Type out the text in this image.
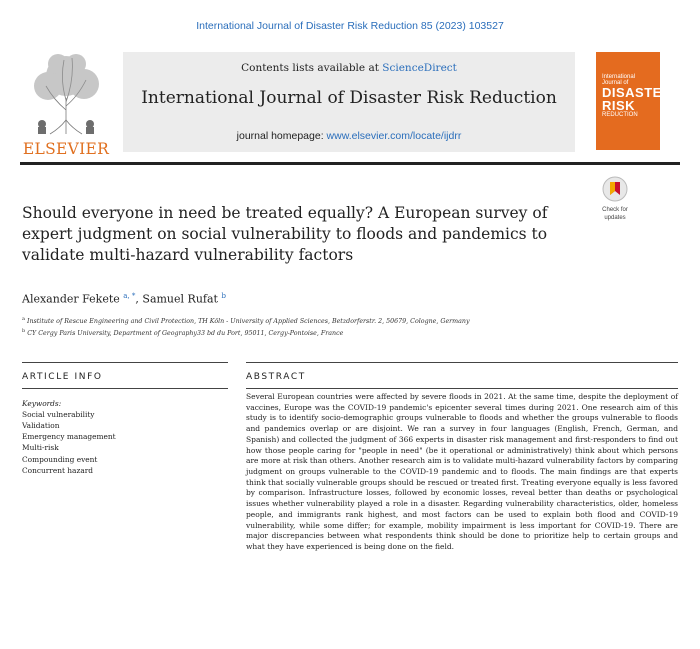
International Journal of Disaster Risk Reduction 85 (2023) 103527
ELSEVIER
Contents lists available at ScienceDirect
International Journal of Disaster Risk Reduction
journal homepage: www.elsevier.com/locate/ijdrr
International Journal of
DISASTER
RISK
REDUCTION
Check for
updates
Should everyone in need be treated equally? A European survey of expert judgment on social vulnerability to floods and pandemics to validate multi-hazard vulnerability factors
Alexander Fekete $^{a, *}$, Samuel Rufat $^b$
$^a$ Institute of Rescue Engineering and Civil Protection, TH Köln - University of Applied Sciences, Betzdorferstr. 2, 50679, Cologne, Germany
$^b$ CY Cergy Paris University, Department of Geography33 bd du Port, 95011, Cergy-Pontoise, France
ARTICLE INFO	ABSTRACT
Keywords:
Social vulnerability
Validation
Emergency management
Multi-risk
Compounding event
Concurrent hazard
Several European countries were affected by severe floods in 2021. At the same time, despite the deployment of vaccines, Europe was the COVID-19 pandemic's epicenter several times during 2021. One research aim of this study is to identify socio-demographic groups vulnerable to floods and whether the groups vulnerable to floods and pandemics overlap or are disjoint. We ran a survey in four languages (English, French, German, and Spanish) and collected the judgment of 366 experts in disaster risk management and first-responders to find out how those people caring for "people in need" (be it operational or administratively) think about which persons are more at risk than others. Another research aim is to validate multi-hazard vulnerability factors by comparing judgment on groups vulnerable to the COVID-19 pandemic and to floods. The main findings are that experts think that socially vulnerable groups should be rescued or treated first. Treating everyone equally is less favored by comparison. Infrastructure losses, followed by economic losses, reveal better than deaths or psychological issues whether vulnerability played a role in a disaster. Regarding vulnerability characteristics, older, homeless people, and immigrants rank highest, and most factors can be used to explain both flood and COVID-19 vulnerability, while some differ; for example, mobility impairment is less important for COVID-19. There are major discrepancies between what respondents think should be done to prioritize help to certain groups and what they have experienced is being done on the field.
